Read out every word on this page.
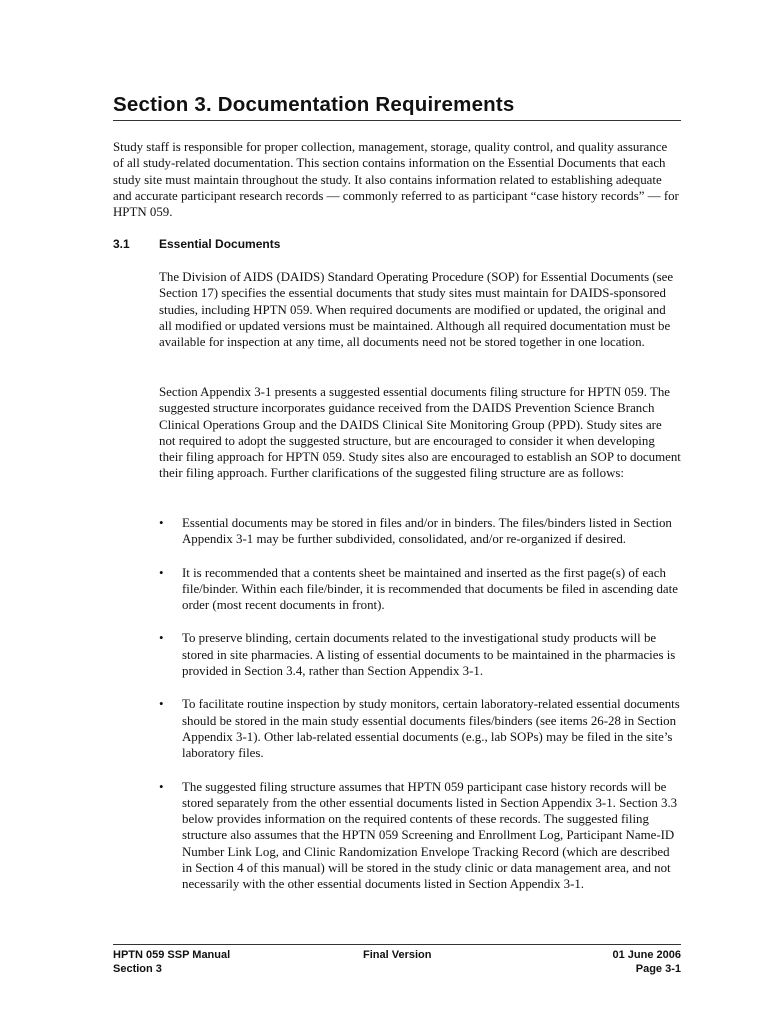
Section 3. Documentation Requirements

Study staff is responsible for proper collection, management, storage, quality control, and quality assurance of all study-related documentation. This section contains information on the Essential Documents that each study site must maintain throughout the study. It also contains information related to establishing adequate and accurate participant research records — commonly referred to as participant “case history records” — for HPTN 059.

3.1 Essential Documents

The Division of AIDS (DAIDS) Standard Operating Procedure (SOP) for Essential Documents (see Section 17) specifies the essential documents that study sites must maintain for DAIDS-sponsored studies, including HPTN 059. When required documents are modified or updated, the original and all modified or updated versions must be maintained. Although all required documentation must be available for inspection at any time, all documents need not be stored together in one location.

Section Appendix 3-1 presents a suggested essential documents filing structure for HPTN 059. The suggested structure incorporates guidance received from the DAIDS Prevention Science Branch Clinical Operations Group and the DAIDS Clinical Site Monitoring Group (PPD). Study sites are not required to adopt the suggested structure, but are encouraged to consider it when developing their filing approach for HPTN 059. Study sites also are encouraged to establish an SOP to document their filing approach. Further clarifications of the suggested filing structure are as follows:

• Essential documents may be stored in files and/or in binders. The files/binders listed in Section Appendix 3-1 may be further subdivided, consolidated, and/or re-organized if desired.
• It is recommended that a contents sheet be maintained and inserted as the first page(s) of each file/binder. Within each file/binder, it is recommended that documents be filed in ascending date order (most recent documents in front).
• To preserve blinding, certain documents related to the investigational study products will be stored in site pharmacies. A listing of essential documents to be maintained in the pharmacies is provided in Section 3.4, rather than Section Appendix 3-1.
• To facilitate routine inspection by study monitors, certain laboratory-related essential documents should be stored in the main study essential documents files/binders (see items 26-28 in Section Appendix 3-1). Other lab-related essential documents (e.g., lab SOPs) may be filed in the site’s laboratory files.
• The suggested filing structure assumes that HPTN 059 participant case history records will be stored separately from the other essential documents listed in Section Appendix 3-1. Section 3.3 below provides information on the required contents of these records. The suggested filing structure also assumes that the HPTN 059 Screening and Enrollment Log, Participant Name-ID Number Link Log, and Clinic Randomization Envelope Tracking Record (which are described in Section 4 of this manual) will be stored in the study clinic or data management area, and not necessarily with the other essential documents listed in Section Appendix 3-1.
HPTN 059 SSP Manual
Section 3
Final Version	01 June 2006
Page 3-1
